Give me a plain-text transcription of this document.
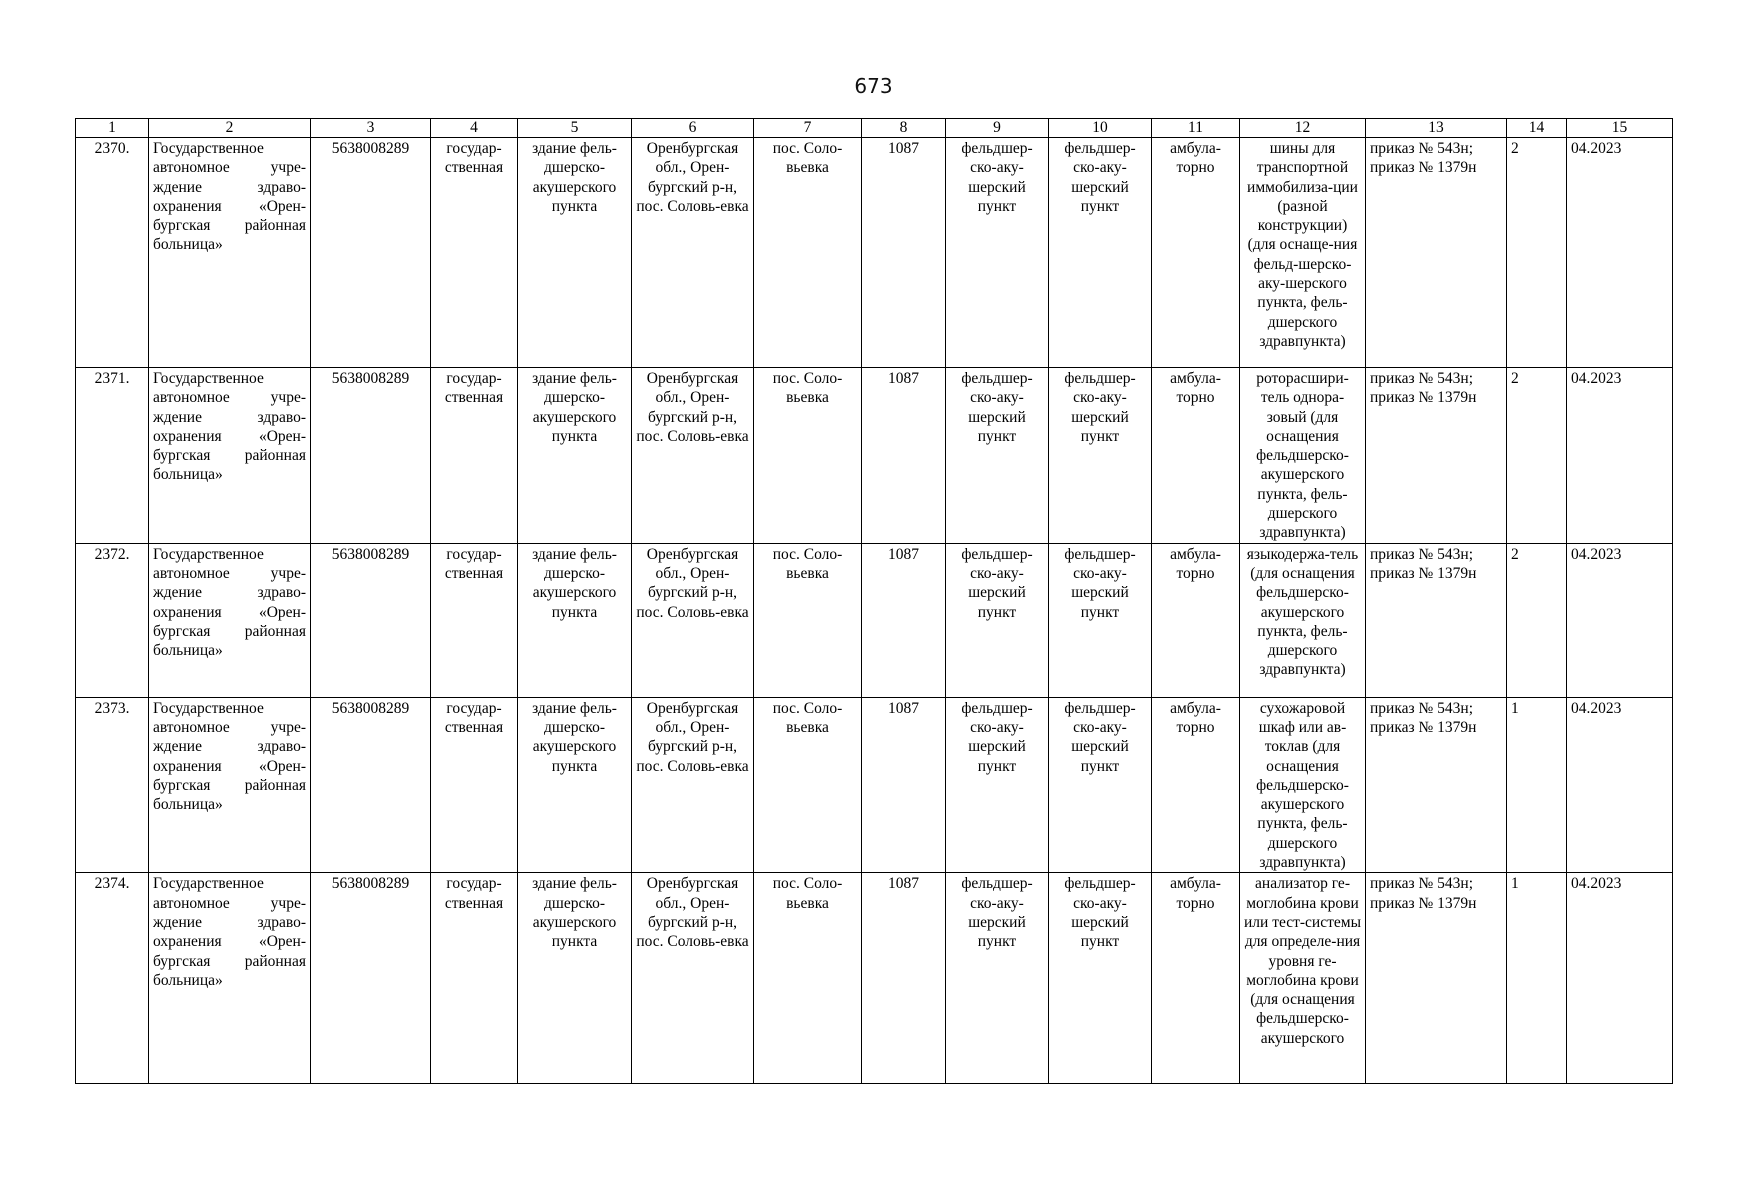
673
1	2	3	4	5	6	7	8	9	10	11	12	13	14	15
2370.	Государственное автономное учре-ждение здраво-охранения «Орен-бургская районная больница»	5638008289	государ-ственная	здание фель-дшерско-акушерского пункта	Оренбургская обл., Орен-бургский р-н, пос. Соловь-евка	пос. Соло-вьевка	1087	фельдшер-ско-аку-шерский пункт	фельдшер-ско-аку-шерский пункт	амбула-торно	шины для транспортной иммобилиза-ции (разной конструкции) (для оснаще-ния фельд-шерско-аку-шерского пункта, фель-дшерского здравпункта)	приказ № 543н; приказ № 1379н	2	04.2023
2371.	Государственное автономное учре-ждение здраво-охранения «Орен-бургская районная больница»	5638008289	государ-ственная	здание фель-дшерско-акушерского пункта	Оренбургская обл., Орен-бургский р-н, пос. Соловь-евка	пос. Соло-вьевка	1087	фельдшер-ско-аку-шерский пункт	фельдшер-ско-аку-шерский пункт	амбула-торно	роторасшири-тель однора-зовый (для оснащения фельдшерско-акушерского пункта, фель-дшерского здравпункта)	приказ № 543н; приказ № 1379н	2	04.2023
2372.	Государственное автономное учре-ждение здраво-охранения «Орен-бургская районная больница»	5638008289	государ-ственная	здание фель-дшерско-акушерского пункта	Оренбургская обл., Орен-бургский р-н, пос. Соловь-евка	пос. Соло-вьевка	1087	фельдшер-ско-аку-шерский пункт	фельдшер-ско-аку-шерский пункт	амбула-торно	языкодержа-тель (для оснащения фельдшерско-акушерского пункта, фель-дшерского здравпункта)	приказ № 543н; приказ № 1379н	2	04.2023
2373.	Государственное автономное учре-ждение здраво-охранения «Орен-бургская районная больница»	5638008289	государ-ственная	здание фель-дшерско-акушерского пункта	Оренбургская обл., Орен-бургский р-н, пос. Соловь-евка	пос. Соло-вьевка	1087	фельдшер-ско-аку-шерский пункт	фельдшер-ско-аку-шерский пункт	амбула-торно	сухожаровой шкаф или ав-токлав (для оснащения фельдшерско-акушерского пункта, фель-дшерского здравпункта)	приказ № 543н; приказ № 1379н	1	04.2023
2374.	Государственное автономное учре-ждение здраво-охранения «Орен-бургская районная больница»	5638008289	государ-ственная	здание фель-дшерско-акушерского пункта	Оренбургская обл., Орен-бургский р-н, пос. Соловь-евка	пос. Соло-вьевка	1087	фельдшер-ско-аку-шерский пункт	фельдшер-ско-аку-шерский пункт	амбула-торно	анализатор ге-моглобина крови или тест-системы для определе-ния уровня ге-моглобина крови (для оснащения фельдшерско-акушерского	приказ № 543н; приказ № 1379н	1	04.2023
